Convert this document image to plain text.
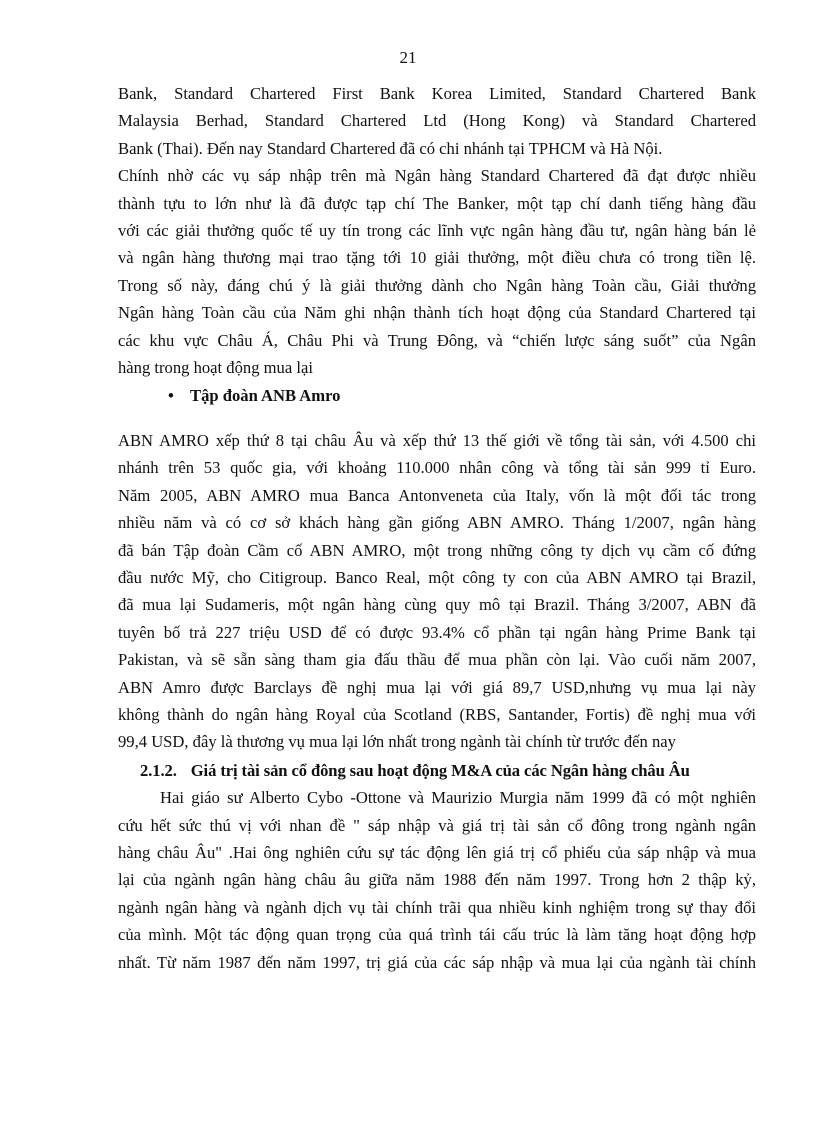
21

Bank, Standard Chartered First Bank Korea Limited, Standard Chartered Bank

Malaysia Berhad, Standard Chartered Ltd (Hong Kong) và Standard Chartered

Bank (Thai). Đến nay Standard Chartered đã có chi nhánh tại TPHCM và Hà Nội.

Chính nhờ các vụ sáp nhập trên mà Ngân hàng Standard Chartered đã đạt được nhiều

thành tựu to lớn như là đã được tạp chí The Banker, một tạp chí danh tiếng hàng đầu

với các giải thưởng quốc tế uy tín trong các lĩnh vực ngân hàng đầu tư, ngân hàng bán lẻ

và ngân hàng thương mại trao tặng tới 10 giải thưởng, một điều chưa có trong tiền lệ.

Trong số này, đáng chú ý là giải thưởng dành cho Ngân hàng Toàn cầu, Giải thưởng

Ngân hàng Toàn cầu của Năm ghi nhận thành tích hoạt động của Standard Chartered tại

các khu vực Châu Á, Châu Phi và Trung Đông, và “chiến lược sáng suốt” của Ngân

hàng trong hoạt động mua lại

• Tập đoàn ANB Amro

ABN AMRO xếp thứ 8 tại châu Âu và xếp thứ 13 thế giới về tổng tài sản, với 4.500 chi

nhánh trên 53 quốc gia, với khoảng 110.000 nhân công và tổng tài sản 999 tỉ Euro.

Năm 2005, ABN AMRO mua Banca Antonveneta của Italy, vốn là một đối tác trong

nhiều năm và có cơ sở khách hàng gần giống ABN AMRO. Tháng 1/2007, ngân hàng

đã bán Tập đoàn Cầm cố ABN AMRO, một trong những công ty dịch vụ cầm cố đứng

đầu nước Mỹ, cho Citigroup. Banco Real, một công ty con của ABN AMRO tại Brazil,

đã mua lại Sudameris, một ngân hàng cùng quy mô tại Brazil. Tháng 3/2007, ABN đã

tuyên bố trả 227 triệu USD để có được 93.4% cổ phần tại ngân hàng Prime Bank tại

Pakistan, và sẽ sẵn sàng tham gia đấu thầu để mua phần còn lại. Vào cuối năm 2007,

ABN Amro được Barclays đề nghị mua lại với giá 89,7 USD,nhưng vụ mua lại này

không thành do ngân hàng Royal của Scotland (RBS, Santander, Fortis) đề nghị mua với

99,4 USD, đây là thương vụ mua lại lớn nhất trong ngành tài chính từ trước đến nay

2.1.2. Giá trị tài sản cổ đông sau hoạt động M&A của các Ngân hàng châu Âu

Hai giáo sư Alberto Cybo -Ottone và Maurizio Murgia năm 1999 đã có một nghiên

cứu hết sức thú vị với nhan đề " sáp nhập và giá trị tài sản cổ đông trong ngành ngân

hàng châu Âu" .Hai ông nghiên cứu sự tác động lên giá trị cổ phiếu của sáp nhập và mua

lại của ngành ngân hàng châu âu giữa năm 1988 đến năm 1997. Trong hơn 2 thập kỷ,

ngành ngân hàng và ngành dịch vụ tài chính trãi qua nhiều kinh nghiệm trong sự thay đổi

của mình. Một tác động quan trọng của quá trình tái cấu trúc là làm tăng hoạt động hợp

nhất. Từ năm 1987 đến năm 1997, trị giá của các sáp nhập và mua lại của ngành tài chính
